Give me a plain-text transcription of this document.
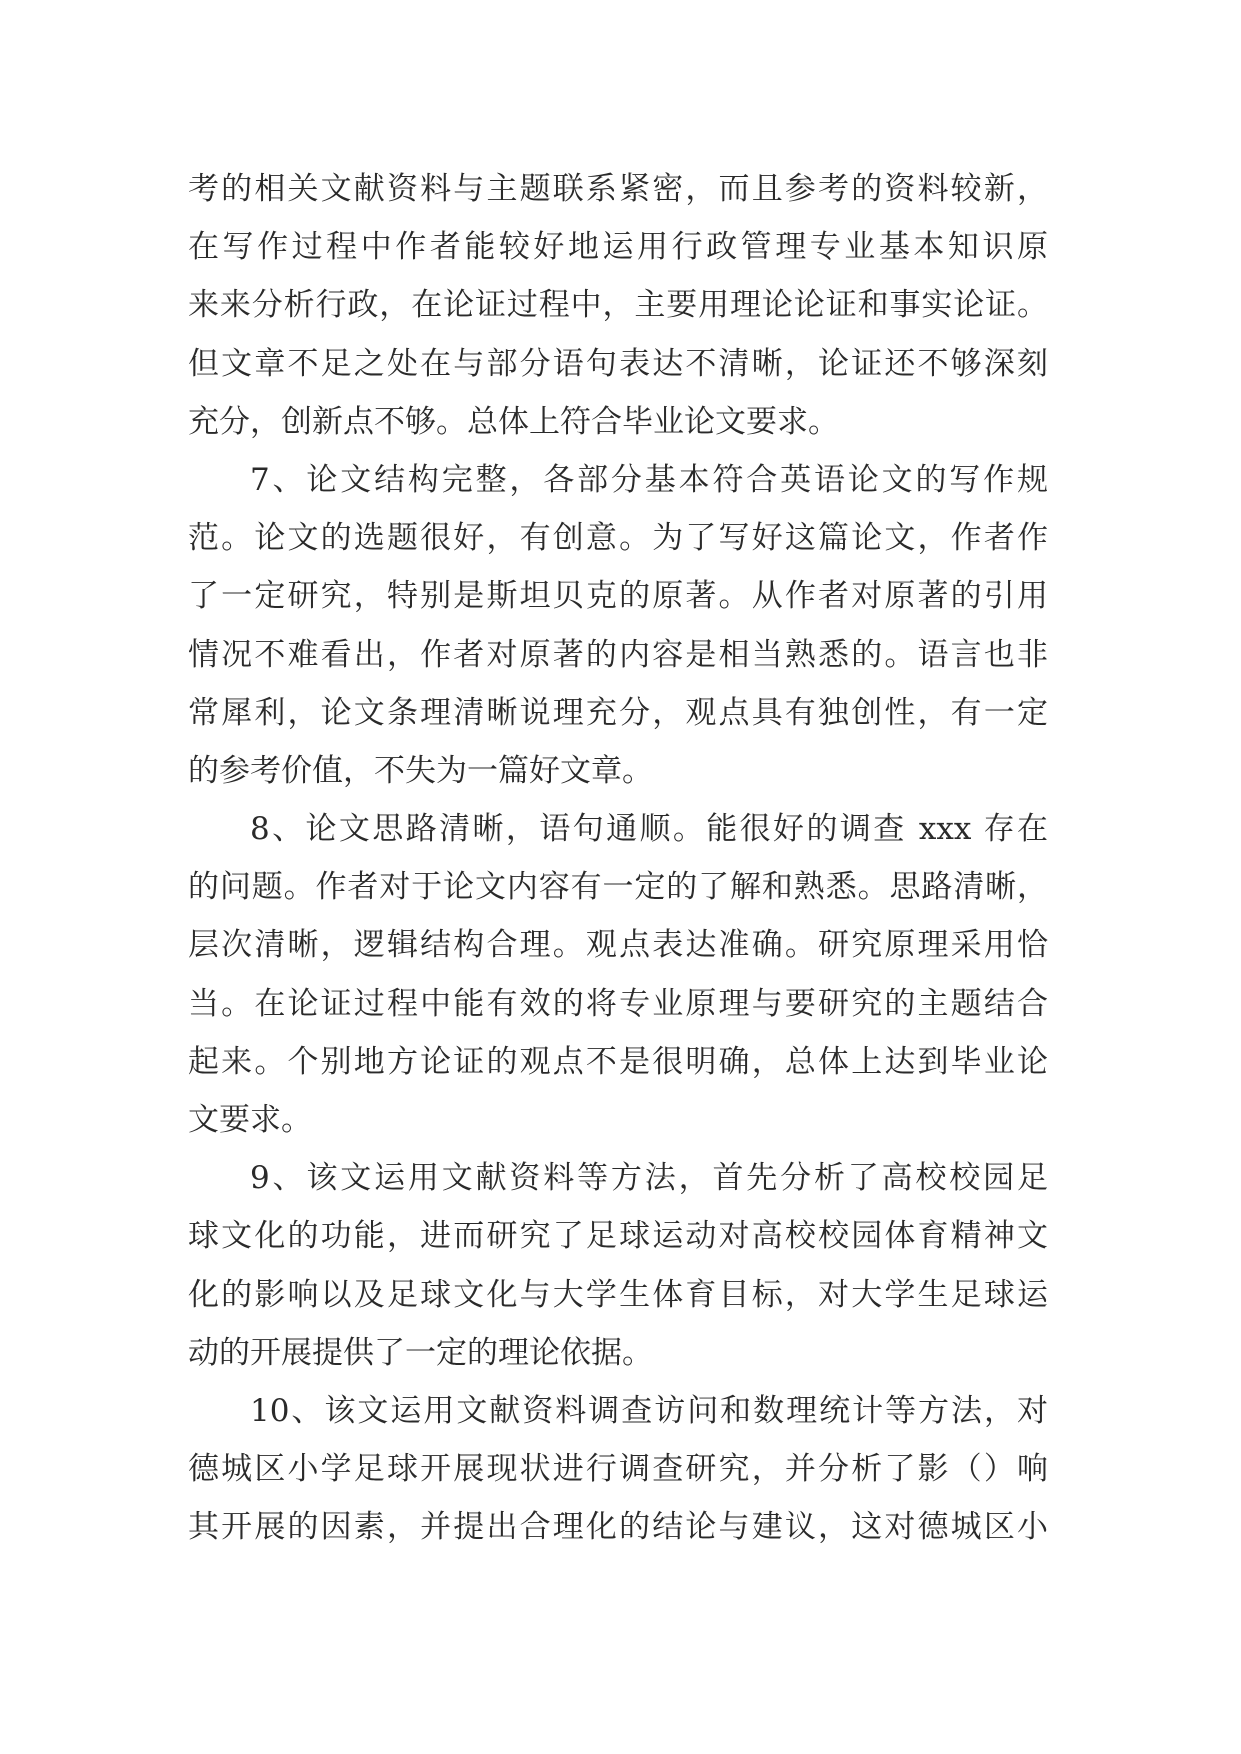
考的相关文献资料与主题联系紧密，而且参考的资料较新，
在写作过程中作者能较好地运用行政管理专业基本知识原
来来分析行政，在论证过程中，主要用理论论证和事实论证。
但文章不足之处在与部分语句表达不清晰，论证还不够深刻
充分，创新点不够。总体上符合毕业论文要求。
7、论文结构完整，各部分基本符合英语论文的写作规
范。论文的选题很好，有创意。为了写好这篇论文，作者作
了一定研究，特别是斯坦贝克的原著。从作者对原著的引用
情况不难看出，作者对原著的内容是相当熟悉的。语言也非
常犀利，论文条理清晰说理充分，观点具有独创性，有一定
的参考价值，不失为一篇好文章。
8、论文思路清晰，语句通顺。能很好的调查 xxx 存在
的问题。作者对于论文内容有一定的了解和熟悉。思路清晰，
层次清晰，逻辑结构合理。观点表达准确。研究原理采用恰
当。在论证过程中能有效的将专业原理与要研究的主题结合
起来。个别地方论证的观点不是很明确，总体上达到毕业论
文要求。
9、该文运用文献资料等方法，首先分析了高校校园足
球文化的功能，进而研究了足球运动对高校校园体育精神文
化的影响以及足球文化与大学生体育目标，对大学生足球运
动的开展提供了一定的理论依据。
10、该文运用文献资料调查访问和数理统计等方法，对
德城区小学足球开展现状进行调查研究，并分析了影（）响
其开展的因素，并提出合理化的结论与建议，这对德城区小
